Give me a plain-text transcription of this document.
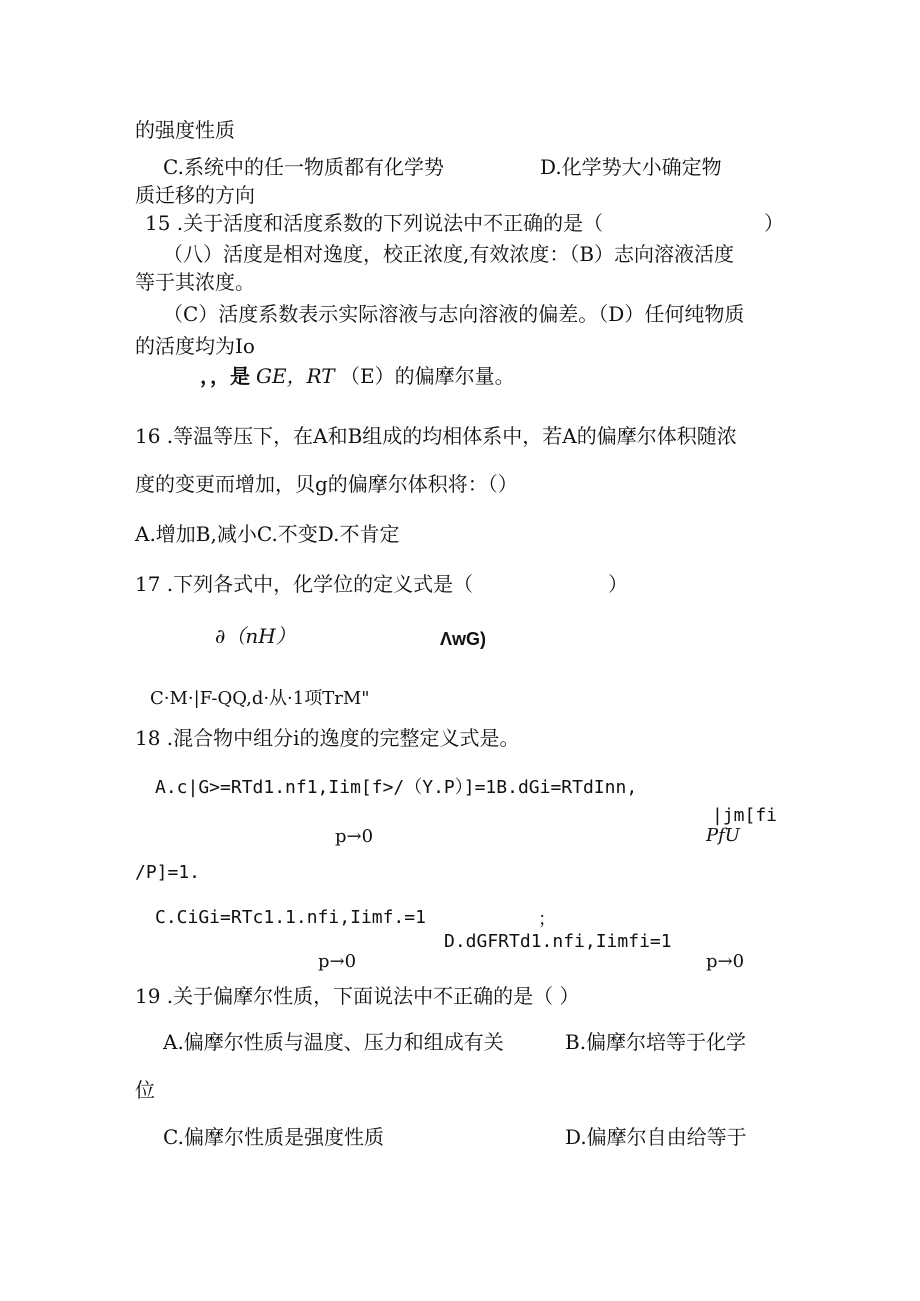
的强度性质
C.系统中的任一物质都有化学势	D.化学势大小确定物
质迁移的方向
15 .关于活度和活度系数的下列说法中不正确的是（	）
（八）活度是相对逸度，校正浓度,有效浓度：（B）志向溶液活度
等于其浓度。
（C）活度系数表示实际溶液与志向溶液的偏差。（D）任何纯物质
的活度均为Io
，，是 GE，RT （E）的偏摩尔量。
16 .等温等压下，在A和B组成的均相体系中，若A的偏摩尔体积随浓
度的变更而增加，贝g的偏摩尔体积将：（）
A.增加B,减小C.不变D.不肯定
17 .下列各式中，化学位的定义式是（	）
∂（nH）	ΛwG)
C·M·|F-QQ,d·从·1项TrM"
18 .混合物中组分i的逸度的完整定义式是。
A.c|G>=RTd1.nf1,Iim[f>/（Y.P）]=1B.dGi=RTdInn,
|jm[fi
p→0	PfU
/P]=1.
C.CiGi=RTc1.1.nfi,Iimf.=1	；
D.dGFRTd1.nfi,Iimfi=1
p→0	p→0
19 .关于偏摩尔性质，下面说法中不正确的是（ ）
A.偏摩尔性质与温度、压力和组成有关	B.偏摩尔培等于化学
位
C.偏摩尔性质是强度性质	D.偏摩尔自由给等于
